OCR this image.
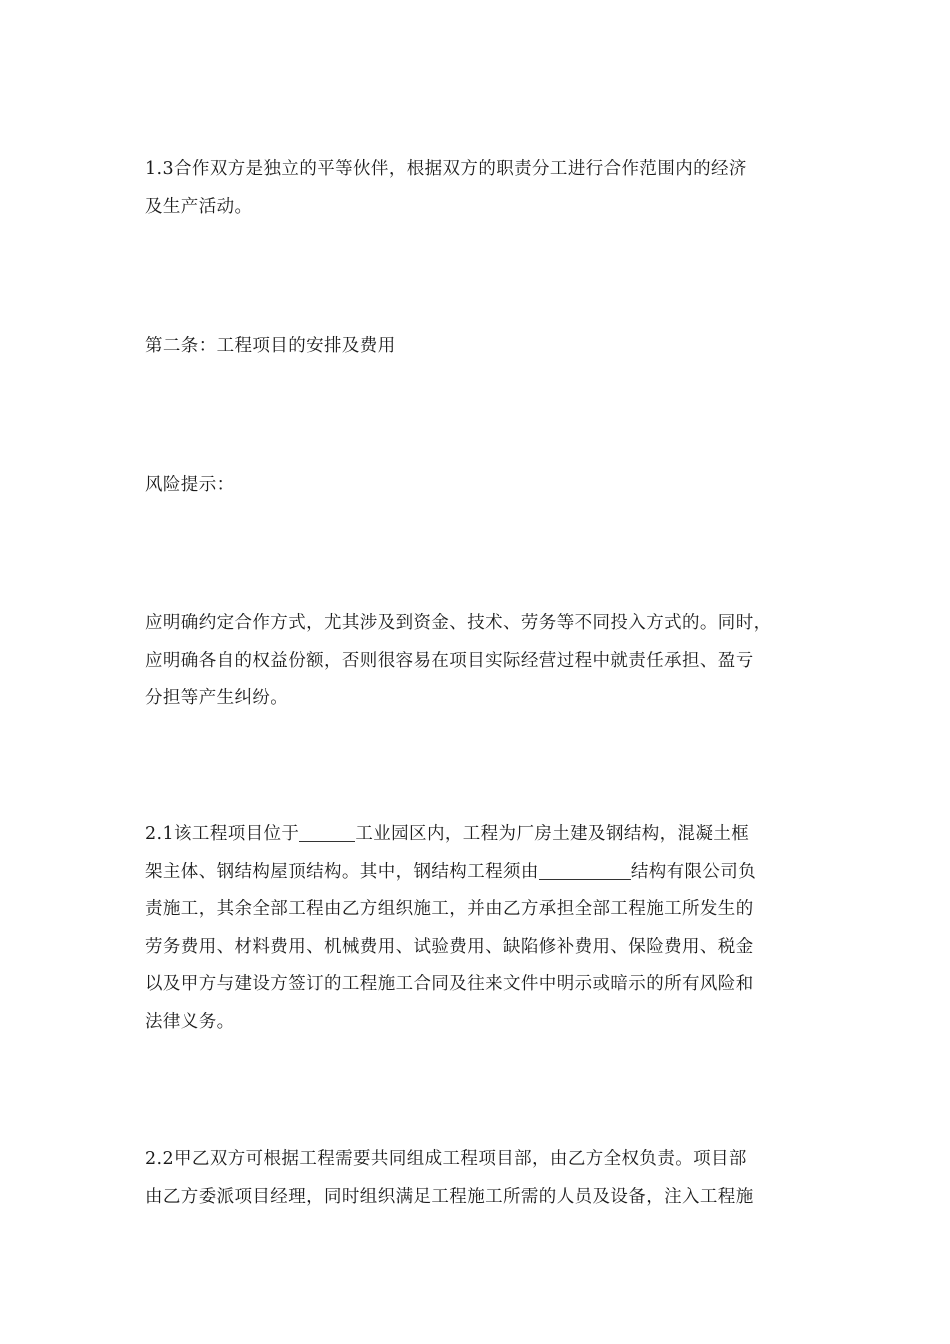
1.3合作双方是独立的平等伙伴，根据双方的职责分工进行合作范围内的经济
及生产活动。

第二条：工程项目的安排及费用

风险提示：

应明确约定合作方式，尤其涉及到资金、技术、劳务等不同投入方式的。同时，
应明确各自的权益份额，否则很容易在项目实际经营过程中就责任承担、盈亏
分担等产生纠纷。

2.1该工程项目位于	工业园区内，工程为厂房土建及钢结构，混凝土框
架主体、钢结构屋顶结构。其中，钢结构工程须由	结构有限公司负
责施工，其余全部工程由乙方组织施工，并由乙方承担全部工程施工所发生的
劳务费用、材料费用、机械费用、试验费用、缺陷修补费用、保险费用、税金
以及甲方与建设方签订的工程施工合同及往来文件中明示或暗示的所有风险和
法律义务。

2.2甲乙双方可根据工程需要共同组成工程项目部，由乙方全权负责。项目部
由乙方委派项目经理，同时组织满足工程施工所需的人员及设备，注入工程施
